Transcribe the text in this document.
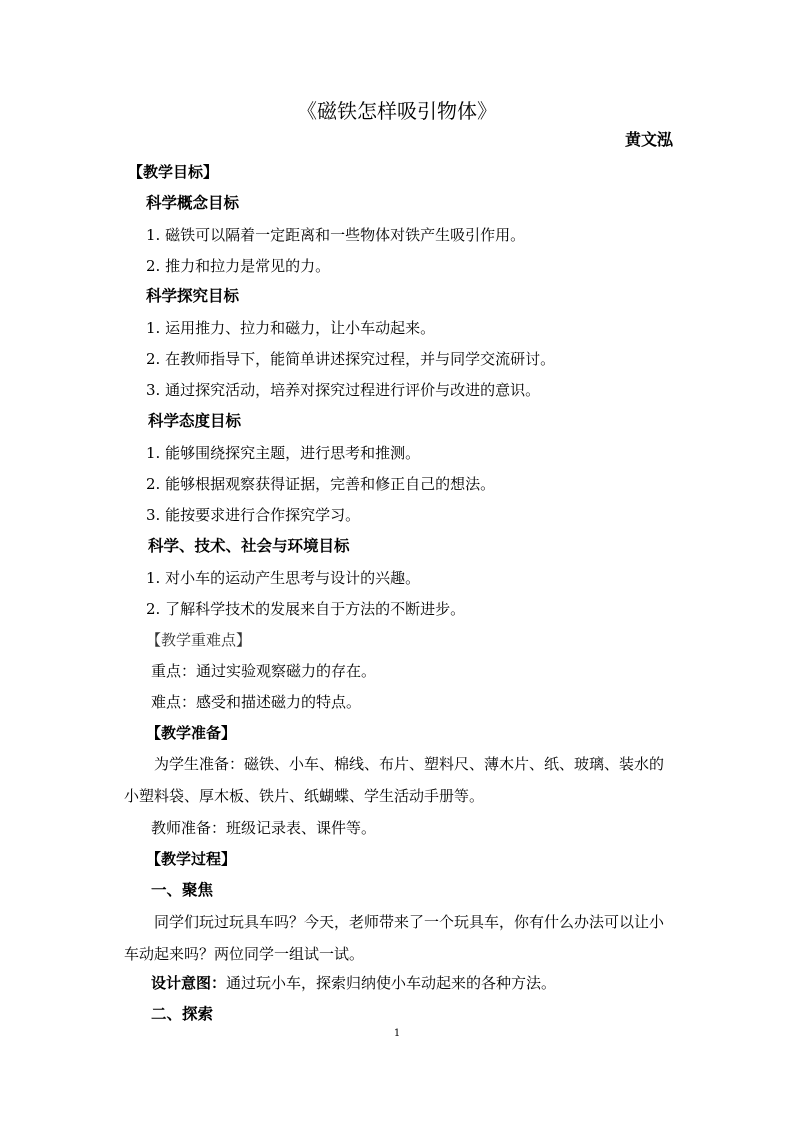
《磁铁怎样吸引物体》
黄文泓
【教学目标】
科学概念目标
1. 磁铁可以隔着一定距离和一些物体对铁产生吸引作用。
2. 推力和拉力是常见的力。
科学探究目标
1. 运用推力、拉力和磁力，让小车动起来。
2. 在教师指导下，能简单讲述探究过程，并与同学交流研讨。
3. 通过探究活动，培养对探究过程进行评价与改进的意识。
科学态度目标
1. 能够围绕探究主题，进行思考和推测。
2. 能够根据观察获得证据，完善和修正自己的想法。
3. 能按要求进行合作探究学习。
科学、技术、社会与环境目标
1. 对小车的运动产生思考与设计的兴趣。
2. 了解科学技术的发展来自于方法的不断进步。
【教学重难点】
重点：通过实验观察磁力的存在。
难点：感受和描述磁力的特点。
【教学准备】
为学生准备：磁铁、小车、棉线、布片、塑料尺、薄木片、纸、玻璃、装水的小塑料袋、厚木板、铁片、纸蝴蝶、学生活动手册等。
教师准备：班级记录表、课件等。
【教学过程】
一、聚焦
同学们玩过玩具车吗？今天，老师带来了一个玩具车，你有什么办法可以让小车动起来吗？两位同学一组试一试。
设计意图：通过玩小车，探索归纳使小车动起来的各种方法。
二、探索
1
